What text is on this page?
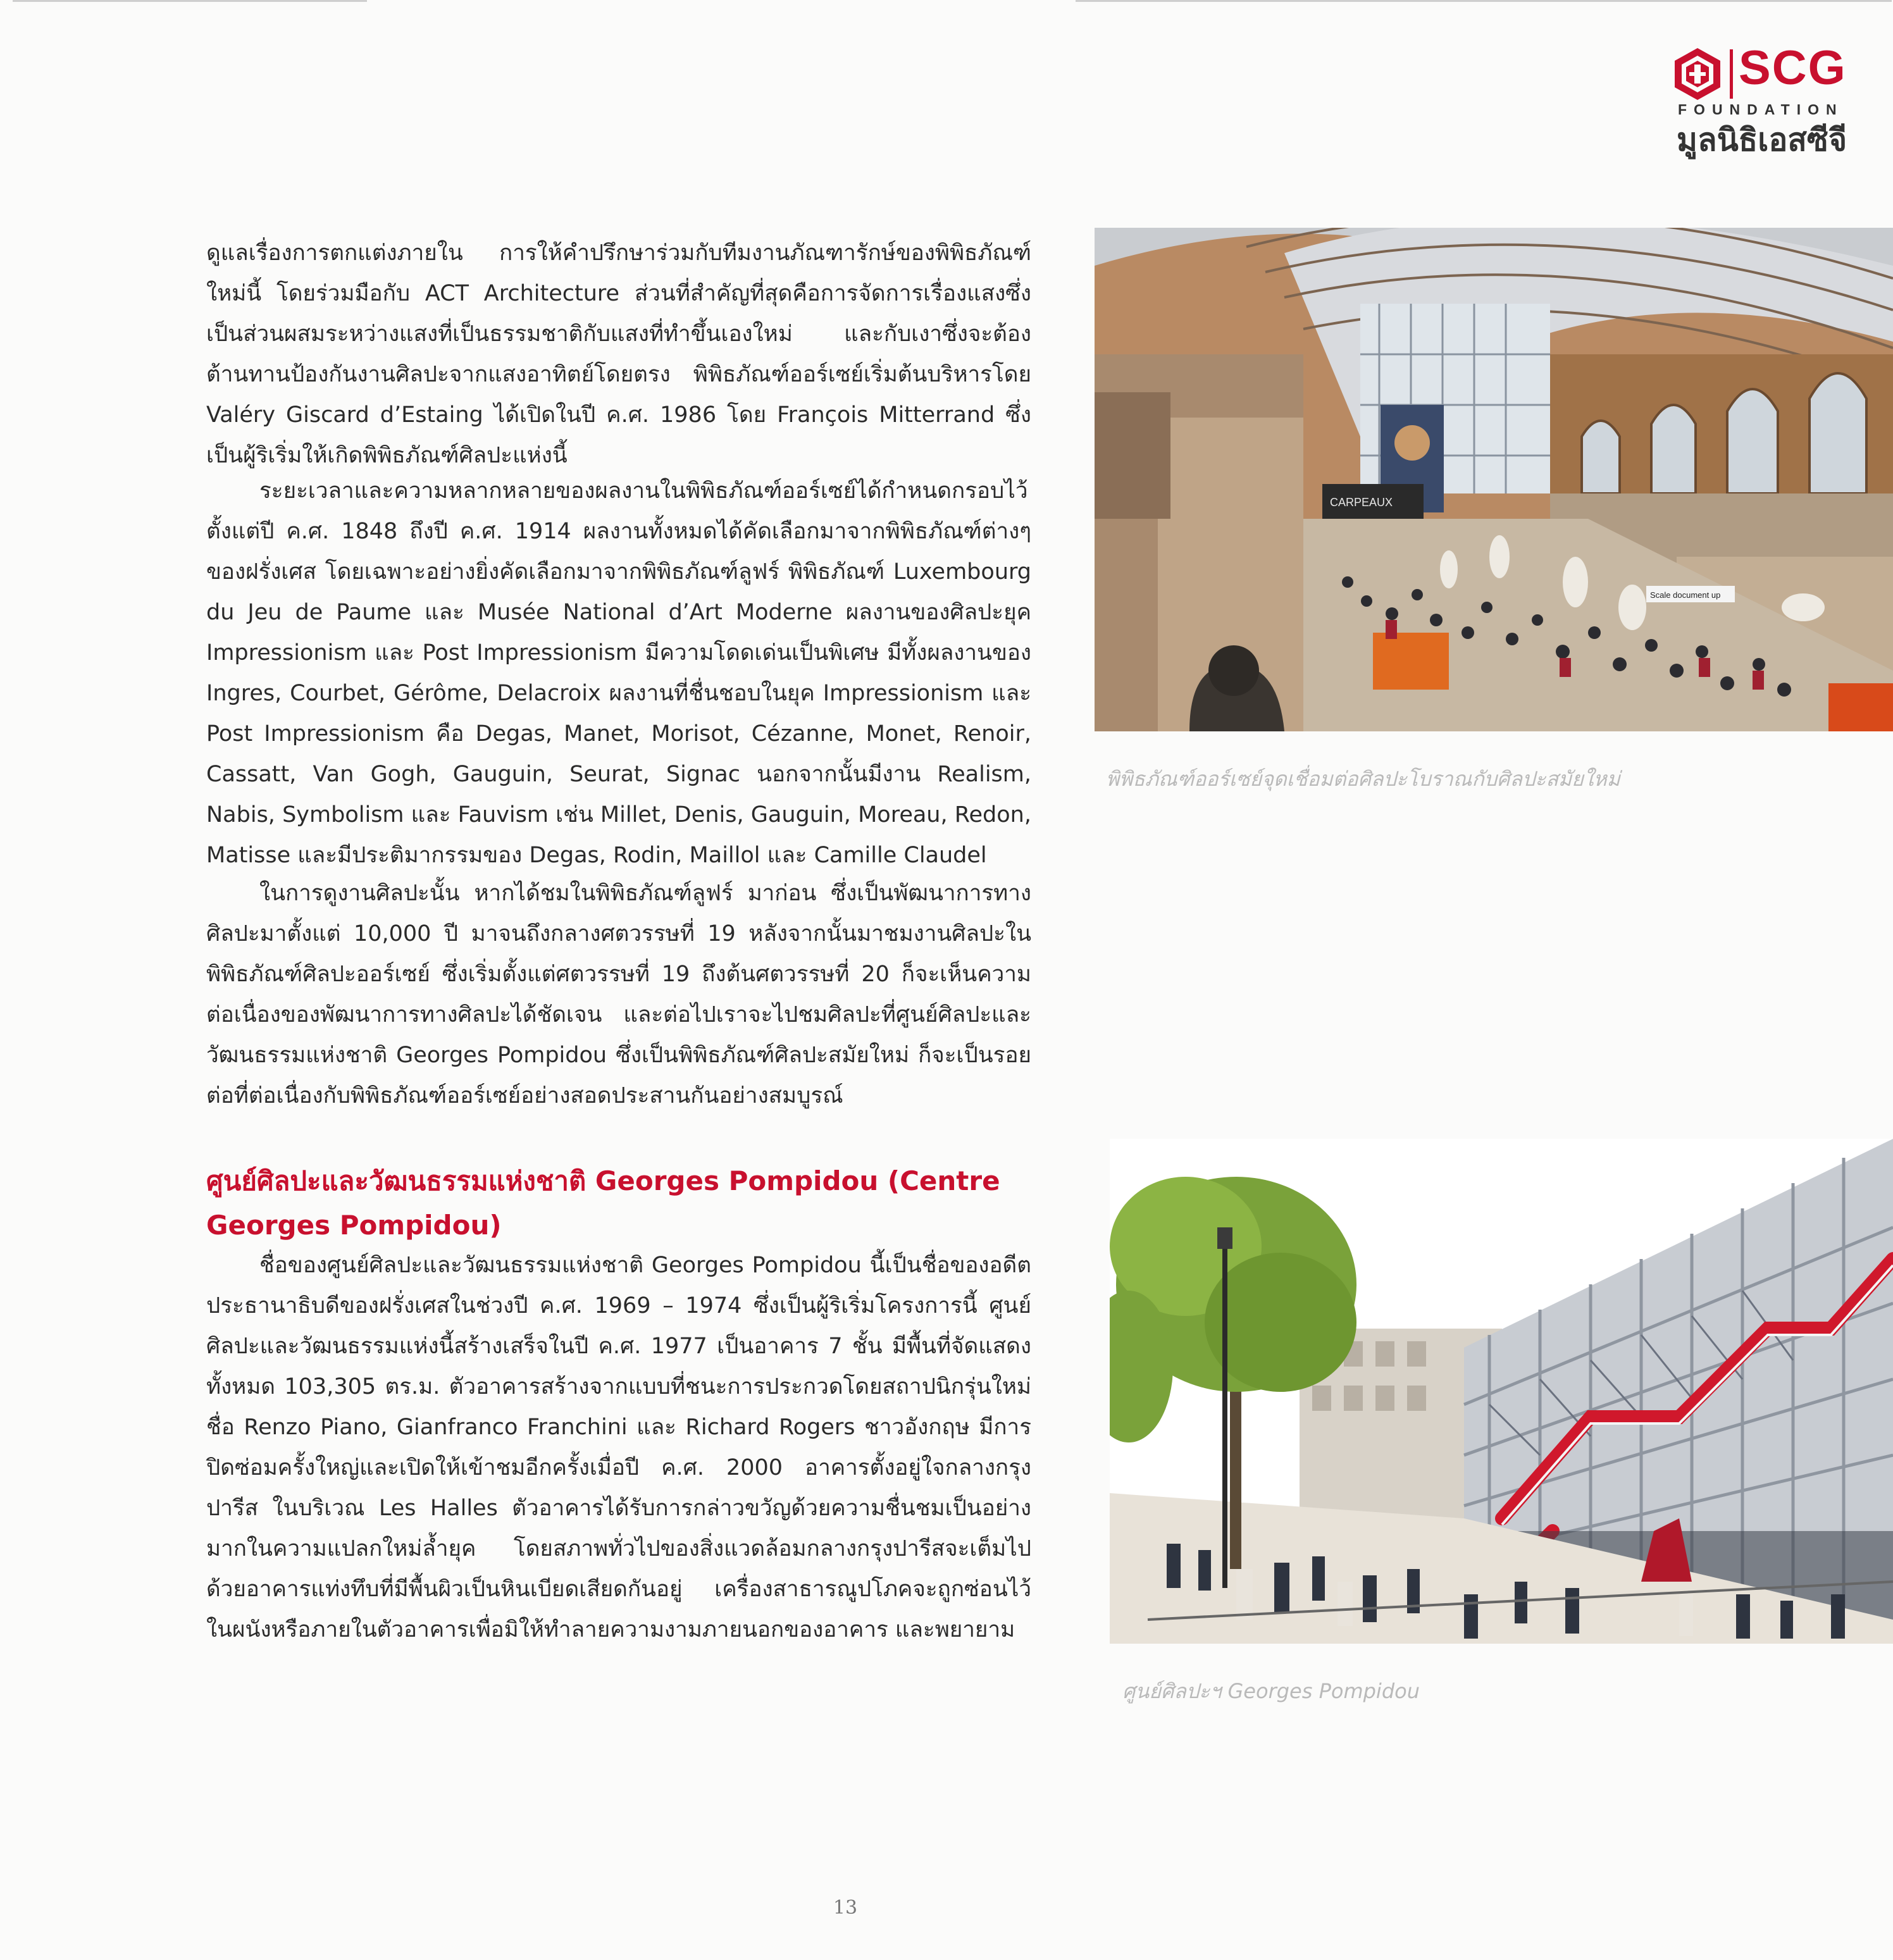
SCG
FOUNDATION
มูลนิธิเอสซีจี

ดูแลเรื่องการตกแต่งภายใน การให้คำปรึกษาร่วมกับทีมงานภัณฑารักษ์ของพิพิธภัณฑ์ใหม่นี้ โดยร่วมมือกับ ACT Architecture ส่วนที่สำคัญที่สุดคือการจัดการเรื่องแสงซึ่งเป็นส่วนผสมระหว่างแสงที่เป็นธรรมชาติกับแสงที่ทำขึ้นเองใหม่ และกับเงาซึ่งจะต้องต้านทานป้องกันงานศิลปะจากแสงอาทิตย์โดยตรง พิพิธภัณฑ์ออร์เซย์เริ่มต้นบริหารโดย Valéry Giscard d’Estaing ได้เปิดในปี ค.ศ. 1986 โดย François Mitterrand ซึ่งเป็นผู้ริเริ่มให้เกิดพิพิธภัณฑ์ศิลปะแห่งนี้

ระยะเวลาและความหลากหลายของผลงานในพิพิธภัณฑ์ออร์เซย์ได้กำหนดกรอบไว้ตั้งแต่ปี ค.ศ. 1848 ถึงปี ค.ศ. 1914 ผลงานทั้งหมดได้คัดเลือกมาจากพิพิธภัณฑ์ต่างๆ ของฝรั่งเศส โดยเฉพาะอย่างยิ่งคัดเลือกมาจากพิพิธภัณฑ์ลูฟร์ พิพิธภัณฑ์ Luxembourg du Jeu de Paume และ Musée National d’Art Moderne ผลงานของศิลปะยุค Impressionism และ Post Impressionism มีความโดดเด่นเป็นพิเศษ มีทั้งผลงานของ Ingres, Courbet, Gérôme, Delacroix ผลงานที่ชื่นชอบในยุค Impressionism และ Post Impressionism คือ Degas, Manet, Morisot, Cézanne, Monet, Renoir, Cassatt, Van Gogh, Gauguin, Seurat, Signac นอกจากนั้นมีงาน Realism, Nabis, Symbolism และ Fauvism เช่น Millet, Denis, Gauguin, Moreau, Redon, Matisse และมีประติมากรรมของ Degas, Rodin, Maillol และ Camille Claudel

ในการดูงานศิลปะนั้น หากได้ชมในพิพิธภัณฑ์ลูฟร์ มาก่อน ซึ่งเป็นพัฒนาการทางศิลปะมาตั้งแต่ 10,000 ปี มาจนถึงกลางศตวรรษที่ 19 หลังจากนั้นมาชมงานศิลปะในพิพิธภัณฑ์ศิลปะออร์เซย์ ซึ่งเริ่มตั้งแต่ศตวรรษที่ 19 ถึงต้นศตวรรษที่ 20 ก็จะเห็นความต่อเนื่องของพัฒนาการทางศิลปะได้ชัดเจน และต่อไปเราจะไปชมศิลปะที่ศูนย์ศิลปะและวัฒนธรรมแห่งชาติ Georges Pompidou ซึ่งเป็นพิพิธภัณฑ์ศิลปะสมัยใหม่ ก็จะเป็นรอยต่อที่ต่อเนื่องกับพิพิธภัณฑ์ออร์เซย์อย่างสอดประสานกันอย่างสมบูรณ์

ศูนย์ศิลปะและวัฒนธรรมแห่งชาติ Georges Pompidou (Centre Georges Pompidou)

ชื่อของศูนย์ศิลปะและวัฒนธรรมแห่งชาติ Georges Pompidou นี้เป็นชื่อของอดีตประธานาธิบดีของฝรั่งเศสในช่วงปี ค.ศ. 1969 – 1974 ซึ่งเป็นผู้ริเริ่มโครงการนี้ ศูนย์ศิลปะและวัฒนธรรมแห่งนี้สร้างเสร็จในปี ค.ศ. 1977 เป็นอาคาร 7 ชั้น มีพื้นที่จัดแสดงทั้งหมด 103,305 ตร.ม. ตัวอาคารสร้างจากแบบที่ชนะการประกวดโดยสถาปนิกรุ่นใหม่ชื่อ Renzo Piano, Gianfranco Franchini และ Richard Rogers ชาวอังกฤษ มีการปิดซ่อมครั้งใหญ่และเปิดให้เข้าชมอีกครั้งเมื่อปี ค.ศ. 2000 อาคารตั้งอยู่ใจกลางกรุงปารีส ในบริเวณ Les Halles ตัวอาคารได้รับการกล่าวขวัญด้วยความชื่นชมเป็นอย่างมากในความแปลกใหม่ล้ำยุค โดยสภาพทั่วไปของสิ่งแวดล้อมกลางกรุงปารีสจะเต็มไปด้วยอาคารแท่งทึบที่มีพื้นผิวเป็นหินเบียดเสียดกันอยู่ เครื่องสาธารณูปโภคจะถูกซ่อนไว้ในผนังหรือภายในตัวอาคารเพื่อมิให้ทำลายความงามภายนอกของอาคาร และพยายาม

CARPEAUX
Scale document up
พิพิธภัณฑ์ออร์เซย์จุดเชื่อมต่อศิลปะโบราณกับศิลปะสมัยใหม่
ศูนย์ศิลปะฯ Georges Pompidou
13
